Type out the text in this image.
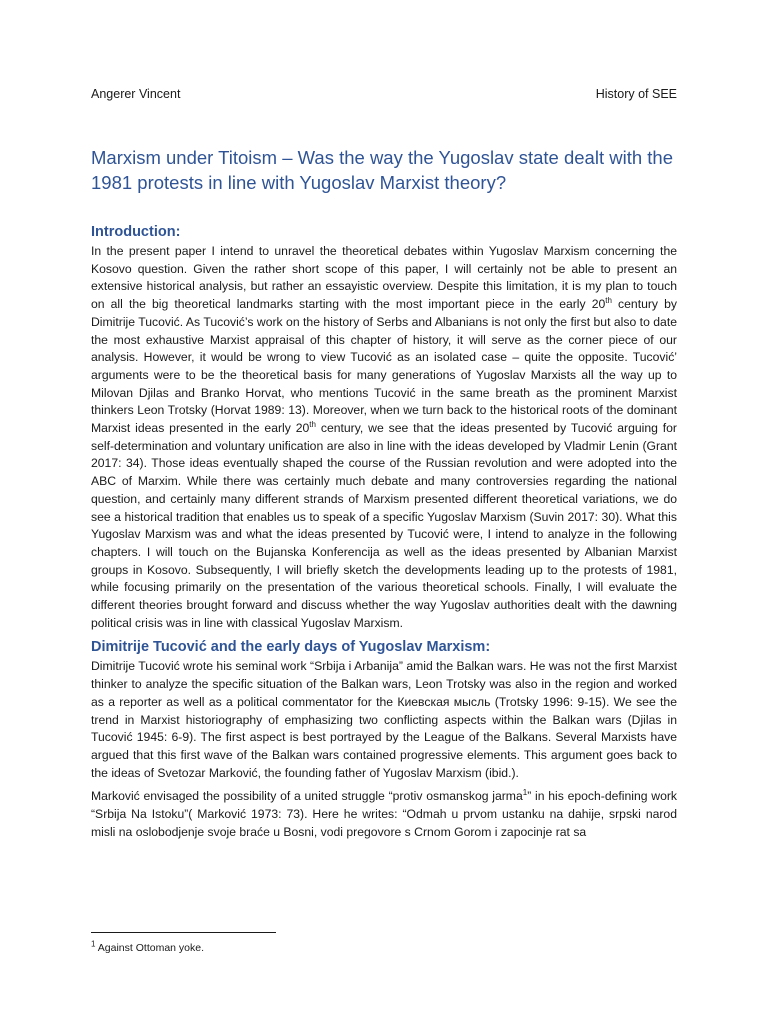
Angerer Vincent	History of SEE
Marxism under Titoism – Was the way the Yugoslav state dealt with the 1981 protests in line with Yugoslav Marxist theory?
Introduction:

In the present paper I intend to unravel the theoretical debates within Yugoslav Marxism concerning the Kosovo question. Given the rather short scope of this paper, I will certainly not be able to present an extensive historical analysis, but rather an essayistic overview. Despite this limitation, it is my plan to touch on all the big theoretical landmarks starting with the most important piece in the early 20th century by Dimitrije Tucović. As Tucović’s work on the history of Serbs and Albanians is not only the first but also to date the most exhaustive Marxist appraisal of this chapter of history, it will serve as the corner piece of our analysis. However, it would be wrong to view Tucović as an isolated case – quite the opposite. Tucović’ arguments were to be the theoretical basis for many generations of Yugoslav Marxists all the way up to Milovan Djilas and Branko Horvat, who mentions Tucović in the same breath as the prominent Marxist thinkers Leon Trotsky (Horvat 1989: 13). Moreover, when we turn back to the historical roots of the dominant Marxist ideas presented in the early 20th century, we see that the ideas presented by Tucović arguing for self-determination and voluntary unification are also in line with the ideas developed by Vladmir Lenin (Grant 2017: 34). Those ideas eventually shaped the course of the Russian revolution and were adopted into the ABC of Marxim. While there was certainly much debate and many controversies regarding the national question, and certainly many different strands of Marxism presented different theoretical variations, we do see a historical tradition that enables us to speak of a specific Yugoslav Marxism (Suvin 2017: 30). What this Yugoslav Marxism was and what the ideas presented by Tucović were, I intend to analyze in the following chapters. I will touch on the Bujanska Konferencija as well as the ideas presented by Albanian Marxist groups in Kosovo. Subsequently, I will briefly sketch the developments leading up to the protests of 1981, while focusing primarily on the presentation of the various theoretical schools. Finally, I will evaluate the different theories brought forward and discuss whether the way Yugoslav authorities dealt with the dawning political crisis was in line with classical Yugoslav Marxism.

Dimitrije Tucović and the early days of Yugoslav Marxism:

Dimitrije Tucović wrote his seminal work “Srbija i Arbanija” amid the Balkan wars. He was not the first Marxist thinker to analyze the specific situation of the Balkan wars, Leon Trotsky was also in the region and worked as a reporter as well as a political commentator for the Киевская мысль (Trotsky 1996: 9-15). We see the trend in Marxist historiography of emphasizing two conflicting aspects within the Balkan wars (Djilas in Tucović 1945: 6-9). The first aspect is best portrayed by the League of the Balkans. Several Marxists have argued that this first wave of the Balkan wars contained progressive elements. This argument goes back to the ideas of Svetozar Marković, the founding father of Yugoslav Marxism (ibid.).

Marković envisaged the possibility of a united struggle “protiv osmanskog jarma$^1$” in his epoch-defining work “Srbija Na Istoku”( Marković 1973: 73). Here he writes: “Odmah u prvom ustanku na dahije, srpski narod misli na oslobodjenje svoje braće u Bosni, vodi pregovore s Crnom Gorom i zapocinje rat sa

$^1$ Against Ottoman yoke.
